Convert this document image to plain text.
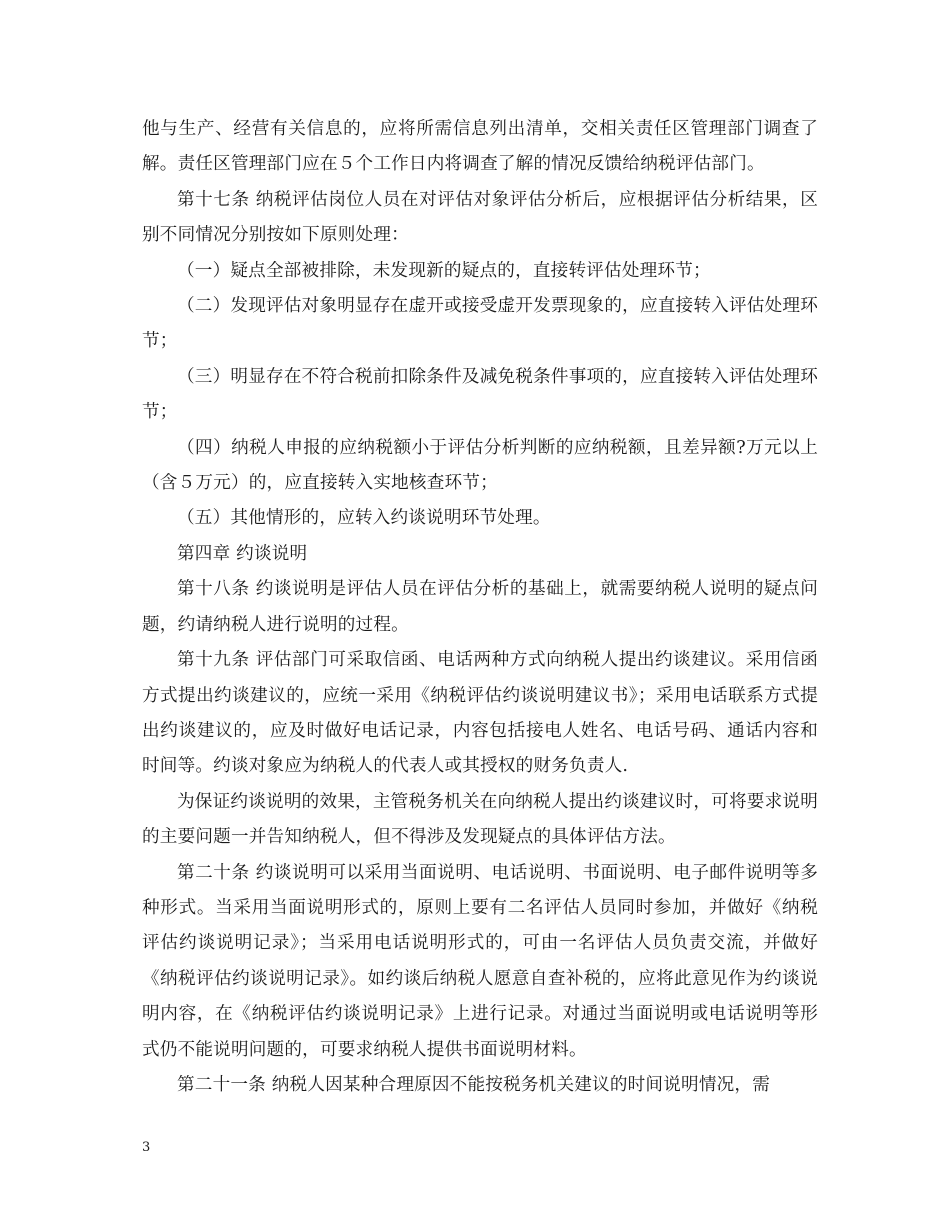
他与生产、经营有关信息的，应将所需信息列出清单，交相关责任区管理部门调查了解。责任区管理部门应在５个工作日内将调查了解的情况反馈给纳税评估部门。

第十七条 纳税评估岗位人员在对评估对象评估分析后，应根据评估分析结果，区别不同情况分别按如下原则处理：

（一）疑点全部被排除，未发现新的疑点的，直接转评估处理环节；

（二）发现评估对象明显存在虚开或接受虚开发票现象的，应直接转入评估处理环节；

（三）明显存在不符合税前扣除条件及减免税条件事项的，应直接转入评估处理环节；

（四）纳税人申报的应纳税额小于评估分析判断的应纳税额，且差异额?万元以上（含５万元）的，应直接转入实地核查环节；

（五）其他情形的，应转入约谈说明环节处理。

第四章 约谈说明

第十八条 约谈说明是评估人员在评估分析的基础上，就需要纳税人说明的疑点问题，约请纳税人进行说明的过程。

第十九条 评估部门可采取信函、电话两种方式向纳税人提出约谈建议。采用信函方式提出约谈建议的，应统一采用《纳税评估约谈说明建议书》；采用电话联系方式提出约谈建议的，应及时做好电话记录，内容包括接电人姓名、电话号码、通话内容和时间等。约谈对象应为纳税人的代表人或其授权的财务负责人.

为保证约谈说明的效果，主管税务机关在向纳税人提出约谈建议时，可将要求说明的主要问题一并告知纳税人，但不得涉及发现疑点的具体评估方法。

第二十条 约谈说明可以采用当面说明、电话说明、书面说明、电子邮件说明等多种形式。当采用当面说明形式的，原则上要有二名评估人员同时参加，并做好《纳税评估约谈说明记录》；当采用电话说明形式的，可由一名评估人员负责交流，并做好《纳税评估约谈说明记录》。如约谈后纳税人愿意自查补税的，应将此意见作为约谈说明内容，在《纳税评估约谈说明记录》上进行记录。对通过当面说明或电话说明等形式仍不能说明问题的，可要求纳税人提供书面说明材料。

第二十一条 纳税人因某种合理原因不能按税务机关建议的时间说明情况，需

3
